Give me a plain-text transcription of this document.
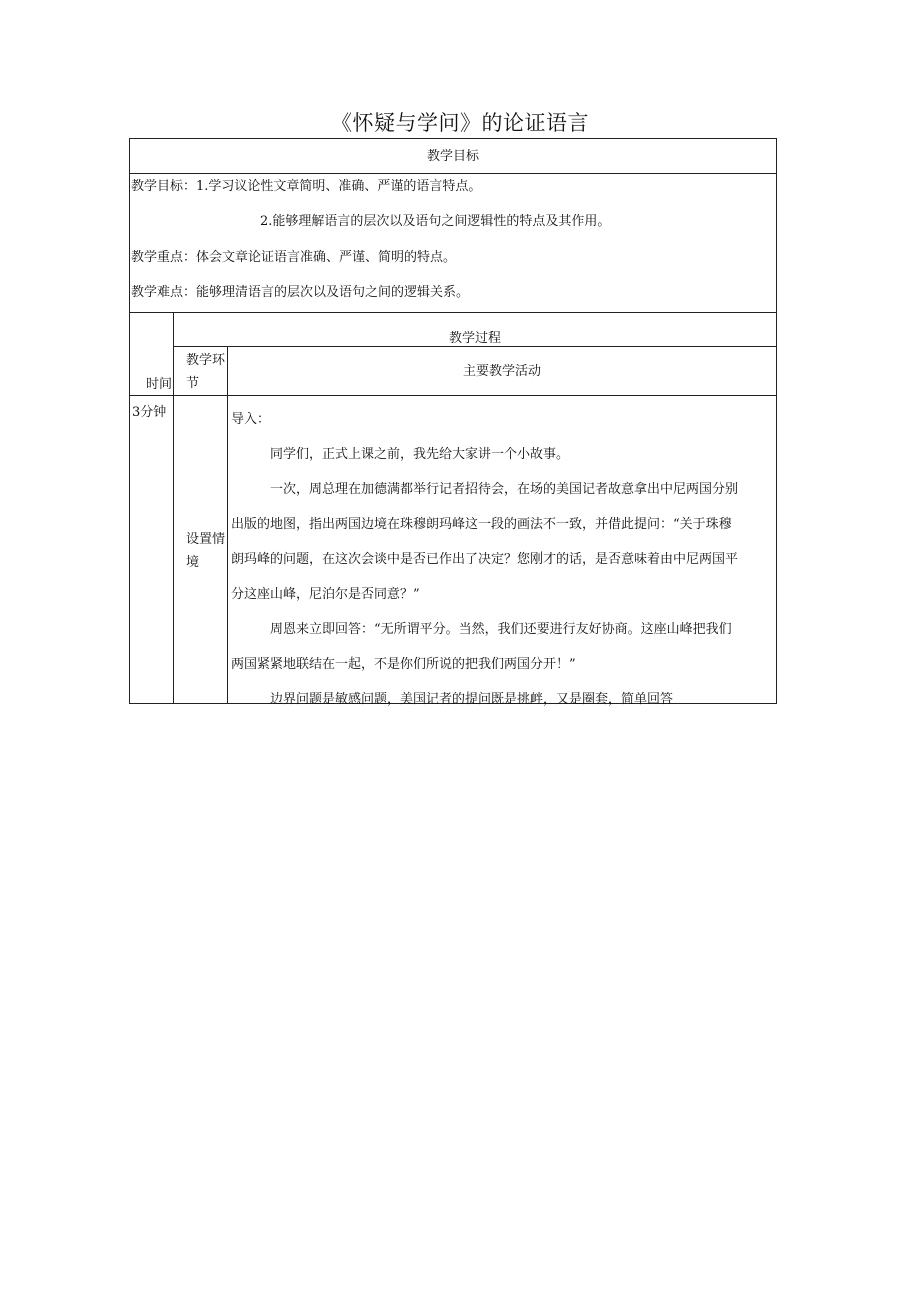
《怀疑与学问》的论证语言
教学目标
教学目标：1.学习议论性文章简明、准确、严谨的语言特点。
2.能够理解语言的层次以及语句之间逻辑性的特点及其作用。
教学重点：体会文章论证语言准确、严谨、简明的特点。
教学难点：能够理清语言的层次以及语句之间的逻辑关系。
教学过程
时间
教学环
节
主要教学活动
3分钟
设置情
境
导入：
同学们，正式上课之前，我先给大家讲一个小故事。
一次，周总理在加德满都举行记者招待会，在场的美国记者故意拿出中尼两国分别
出版的地图，指出两国边境在珠穆朗玛峰这一段的画法不一致，并借此提问：“关于珠穆
朗玛峰的问题，在这次会谈中是否已作出了决定？您刚才的话，是否意味着由中尼两国平
分这座山峰，尼泊尔是否同意？”
周恩来立即回答：“无所谓平分。当然，我们还要进行友好协商。这座山峰把我们
两国紧紧地联结在一起，不是你们所说的把我们两国分开！”
边界问题是敏感问题，美国记者的提问既是挑衅，又是圈套，简单回答
